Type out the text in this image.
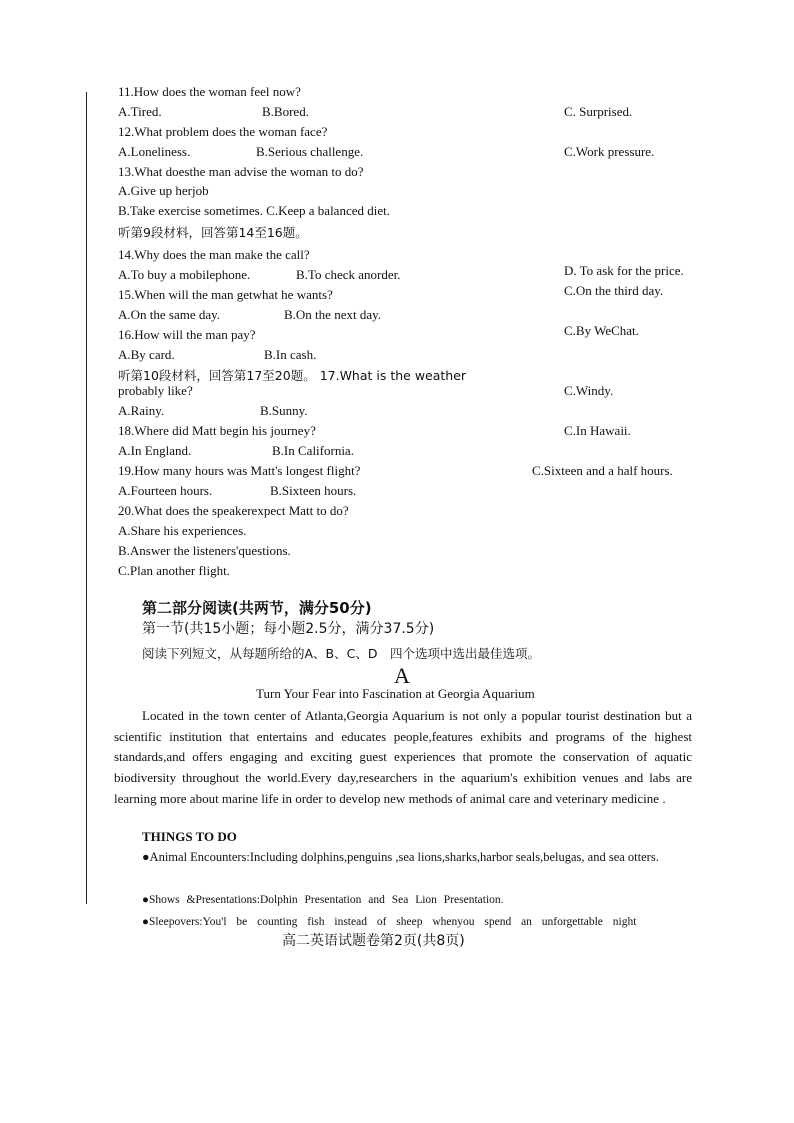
11.How does the woman feel now?
A.Tired.	B.Bored.	C. Surprised.
12.What problem does the woman face?
A.Loneliness.	B.Serious challenge.	C.Work pressure.
13.What doesthe man advise the woman to do?
A.Give up herjob
B.Take exercise sometimes. C.Keep a balanced diet.
听第9段材料，回答第14至16题。
14.Why does the man make the call?
A.To buy a mobilephone.	B.To check anorder.	D. To ask for the price.
15.When will the man getwhat he wants?
A.On the same day.	B.On the next day.
C.On the third day.
16.How will the man pay?
A.By card.	B.In cash.
C.By WeChat.
听第10段材料，回答第17至20题。 17.What is the weather
probably like?
A.Rainy.	B.Sunny.
C.Windy.
18.Where did Matt begin his journey?
A.In England.	B.In California.
C.In Hawaii.
19.How many hours was Matt's longest flight?
A.Fourteen hours.	B.Sixteen hours.
C.Sixteen and a half hours.
20.What does the speakerexpect Matt to do?
A.Share his experiences.
B.Answer the listeners'questions.
C.Plan another flight.
第二部分阅读(共两节，满分50分)
第一节(共15小题；每小题2.5分，满分37.5分)
阅读下列短文，从每题所给的A、B、C、D　四个选项中选出最佳选项。
A
Turn Your Fear into Fascination at Georgia Aquarium
Located in the town center of Atlanta,Georgia Aquarium is not only a popular tourist destination but a scientific institution that entertains and educates people,features exhibits and programs of the highest standards,and offers engaging and exciting guest experiences that promote the conservation of aquatic biodiversity throughout the world.Every day,researchers in the aquarium's exhibition venues and labs are learning more about marine life in order to develop new methods of animal care and veterinary medicine .
THINGS TO DO
●Animal Encounters:Including dolphins,penguins ,sea lions,sharks,harbor seals,belugas, and sea otters.
●Shows &Presentations:Dolphin Presentation and Sea Lion Presentation.
●Sleepovers:You'l be counting fish instead of sheep whenyou spend an unforgettable night
高二英语试题卷第2页(共8页)
